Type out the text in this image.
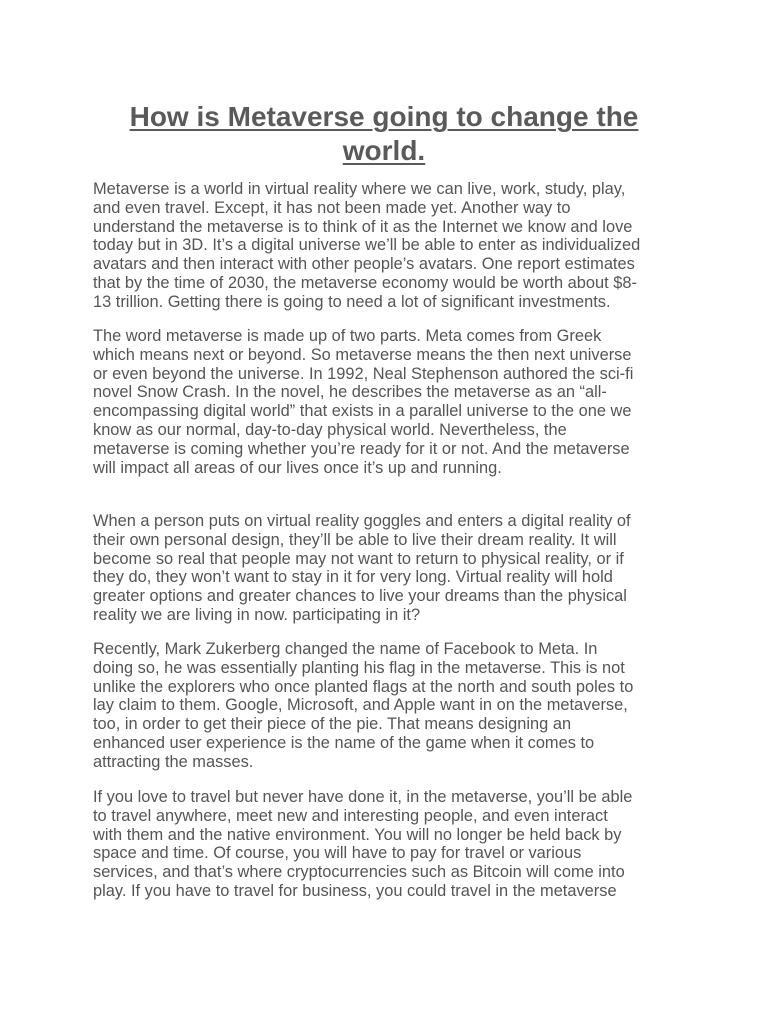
How is Metaverse going to change the world.

Metaverse is a world in virtual reality where we can live, work, study, play,
and even travel. Except, it has not been made yet. Another way to
understand the metaverse is to think of it as the Internet we know and love
today but in 3D. It’s a digital universe we’ll be able to enter as individualized
avatars and then interact with other people’s avatars. One report estimates
that by the time of 2030, the metaverse economy would be worth about $8-
13 trillion. Getting there is going to need a lot of significant investments.

The word metaverse is made up of two parts. Meta comes from Greek
which means next or beyond. So metaverse means the then next universe
or even beyond the universe. In 1992, Neal Stephenson authored the sci-fi
novel Snow Crash. In the novel, he describes the metaverse as an “all-
encompassing digital world” that exists in a parallel universe to the one we
know as our normal, day-to-day physical world. Nevertheless, the
metaverse is coming whether you’re ready for it or not. And the metaverse
will impact all areas of our lives once it’s up and running.

When a person puts on virtual reality goggles and enters a digital reality of
their own personal design, they’ll be able to live their dream reality. It will
become so real that people may not want to return to physical reality, or if
they do, they won’t want to stay in it for very long. Virtual reality will hold
greater options and greater chances to live your dreams than the physical
reality we are living in now. participating in it?

Recently, Mark Zukerberg changed the name of Facebook to Meta. In
doing so, he was essentially planting his flag in the metaverse. This is not
unlike the explorers who once planted flags at the north and south poles to
lay claim to them. Google, Microsoft, and Apple want in on the metaverse,
too, in order to get their piece of the pie. That means designing an
enhanced user experience is the name of the game when it comes to
attracting the masses.

If you love to travel but never have done it, in the metaverse, you’ll be able
to travel anywhere, meet new and interesting people, and even interact
with them and the native environment. You will no longer be held back by
space and time. Of course, you will have to pay for travel or various
services, and that’s where cryptocurrencies such as Bitcoin will come into
play. If you have to travel for business, you could travel in the metaverse
